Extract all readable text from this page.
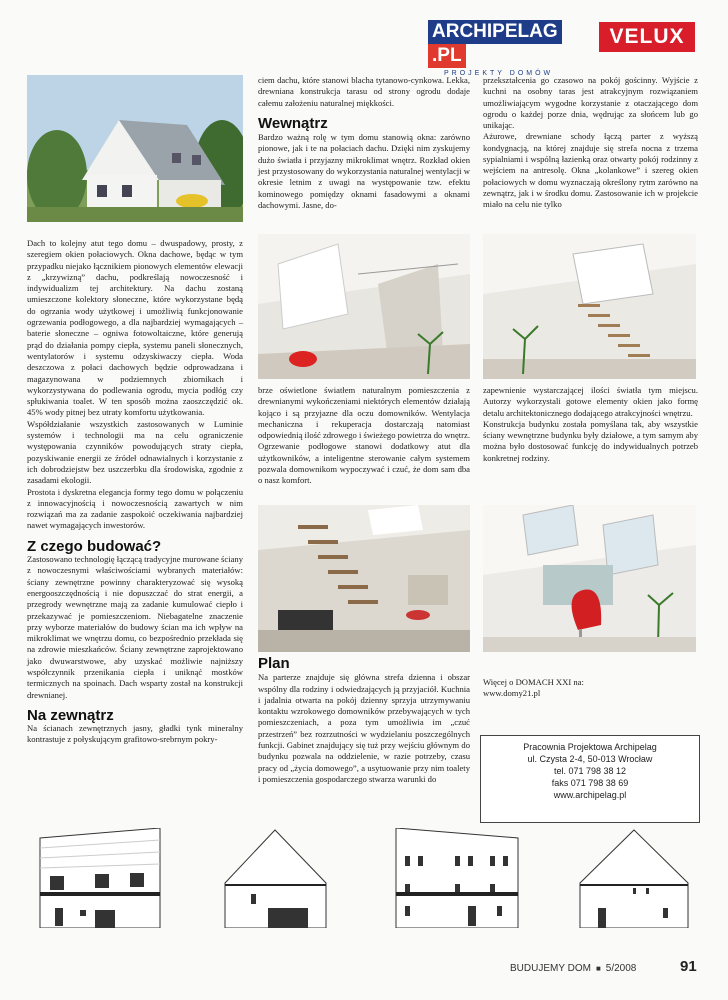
ARCHIPELAG.PL
PROJEKTY DOMÓW
VELUX

Dach to kolejny atut tego domu – dwuspadowy, prosty, z szeregiem okien połaciowych. Okna dachowe, będąc w tym przypadku niejako łącznikiem pionowych elementów elewacji z „krzywizną” dachu, podkreślają nowoczesność i indywidualizm tej architektury. Na dachu zostaną umieszczone kolektory słoneczne, które wykorzystane będą do ogrzania wody użytkowej i umożliwią funkcjonowanie ogrzewania podłogowego, a dla najbardziej wymagających – baterie słoneczne – ogniwa fotowoltaiczne, które generują prąd do działania pompy ciepła, systemu paneli słonecznych, wentylatorów i systemu odzyskiwaczy ciepła. Woda deszczowa z połaci dachowych będzie odprowadzana i magazynowana w podziemnych zbiornikach i wykorzystywana do podlewania ogrodu, mycia podłóg czy spłukiwania toalet. W ten sposób można zaoszczędzić ok. 45% wody pitnej bez utraty komfortu użytkowania.

Współdziałanie wszystkich zastosowanych w Luminie systemów i technologii ma na celu ograniczenie występowania czynników powodujących straty ciepła, pozyskiwanie energii ze źródeł odnawialnych i korzystanie z ich dobrodziejstw bez uszczerbku dla środowiska, zgodnie z zasadami ekologii.

Prostota i dyskretna elegancja formy tego domu w połączeniu z innowacyjnością i nowoczesnością zawartych w nim rozwiązań ma za zadanie zaspokoić oczekiwania najbardziej nawet wymagających inwestorów.

Z czego budować?

Zastosowano technologię łączącą tradycyjne murowane ściany z nowoczesnymi właściwościami wybranych materiałów: ściany zewnętrzne powinny charakteryzować się wysoką energooszczędnością i nie dopuszczać do strat energii, a przegrody wewnętrzne mają za zadanie kumulować ciepło i przekazywać je pomieszczeniom. Niebagatelne znaczenie przy wyborze materiałów do budowy ścian ma ich wpływ na mikroklimat we wnętrzu domu, co bezpośrednio przekłada się na zdrowie mieszkańców. Ściany zewnętrzne zaprojektowano jako dwuwarstwowe, aby uzyskać możliwie najniższy współczynnik przenikania ciepła i uniknąć mostków termicznych na spoinach. Dach wsparty został na konstrukcji drewnianej.

Na zewnątrz

Na ścianach zewnętrznych jasny, gładki tynk mineralny kontrastuje z połyskującym grafitowo-srebrnym pokry-

ciem dachu, które stanowi blacha tytanowo-cynkowa. Lekka, drewniana konstrukcja tarasu od strony ogrodu dodaje całemu założeniu naturalnej miękkości.

Wewnątrz

Bardzo ważną rolę w tym domu stanowią okna: zarówno pionowe, jak i te na połaciach dachu. Dzięki nim zyskujemy dużo światła i przyjazny mikroklimat wnętrz. Rozkład okien jest przystosowany do wykorzystania naturalnej wentylacji w okresie letnim z uwagi na występowanie tzw. efektu kominowego pomiędzy oknami fasadowymi a oknami dachowymi. Jasne, do-

przekształcenia go czasowo na pokój gościnny. Wyjście z kuchni na osobny taras jest atrakcyjnym rozwiązaniem umożliwiającym wygodne korzystanie z otaczającego dom ogrodu o każdej porze dnia, wędrując za słońcem lub go unikając.

Ażurowe, drewniane schody łączą parter z wyższą kondygnacją, na której znajduje się strefa nocna z trzema sypialniami i wspólną łazienką oraz otwarty pokój rodzinny z wejściem na antresolę. Okna „kolankowe” i szereg okien połaciowych w domu wyznaczają określony rytm zarówno na zewnątrz, jak i w środku domu. Zastosowanie ich w projekcie miało na celu nie tylko

brze oświetlone światłem naturalnym pomieszczenia z drewnianymi wykończeniami niektórych elementów działają kojąco i są przyjazne dla oczu domowników. Wentylacja mechaniczna i rekuperacja dostarczają natomiast odpowiednią ilość zdrowego i świeżego powietrza do wnętrz. Ogrzewanie podłogowe stanowi dodatkowy atut dla użytkowników, a inteligentne sterowanie całym systemem pozwala domownikom wypoczywać i czuć, że dom sam dba o nasz komfort.

zapewnienie wystarczającej ilości światła tym miejscu. Autorzy wykorzystali gotowe elementy okien jako formę detalu architektonicznego dodającego atrakcyjności wnętrzu.

Konstrukcja budynku została pomyślana tak, aby wszystkie ściany wewnętrzne budynku były działowe, a tym samym aby można było dostosować funkcję do indywidualnych potrzeb konkretnej rodziny.

Plan

Na parterze znajduje się główna strefa dzienna i obszar wspólny dla rodziny i odwiedzających ją przyjaciół. Kuchnia i jadalnia otwarta na pokój dzienny sprzyja utrzymywaniu kontaktu wzrokowego domowników przebywających w tych pomieszczeniach, a poza tym umożliwia im „czuć przestrzeń” bez rozrzutności w wydzielaniu poszczególnych funkcji. Gabinet znajdujący się tuż przy wejściu głównym do budynku pozwala na oddzielenie, w razie potrzeby, czasu pracy od „życia domowego”, a usytuowanie przy nim toalety i pomieszczenia gospodarczego stwarza warunki do

Więcej o DOMACH XXI na:

www.domy21.pl

Pracownia Projektowa Archipelag
ul. Czysta 2-4, 50-013 Wrocław
tel. 071 798 38 12
faks 071 798 38 69
www.archipelag.pl
BUDUJEMY DOM  ■  5/2008	91
